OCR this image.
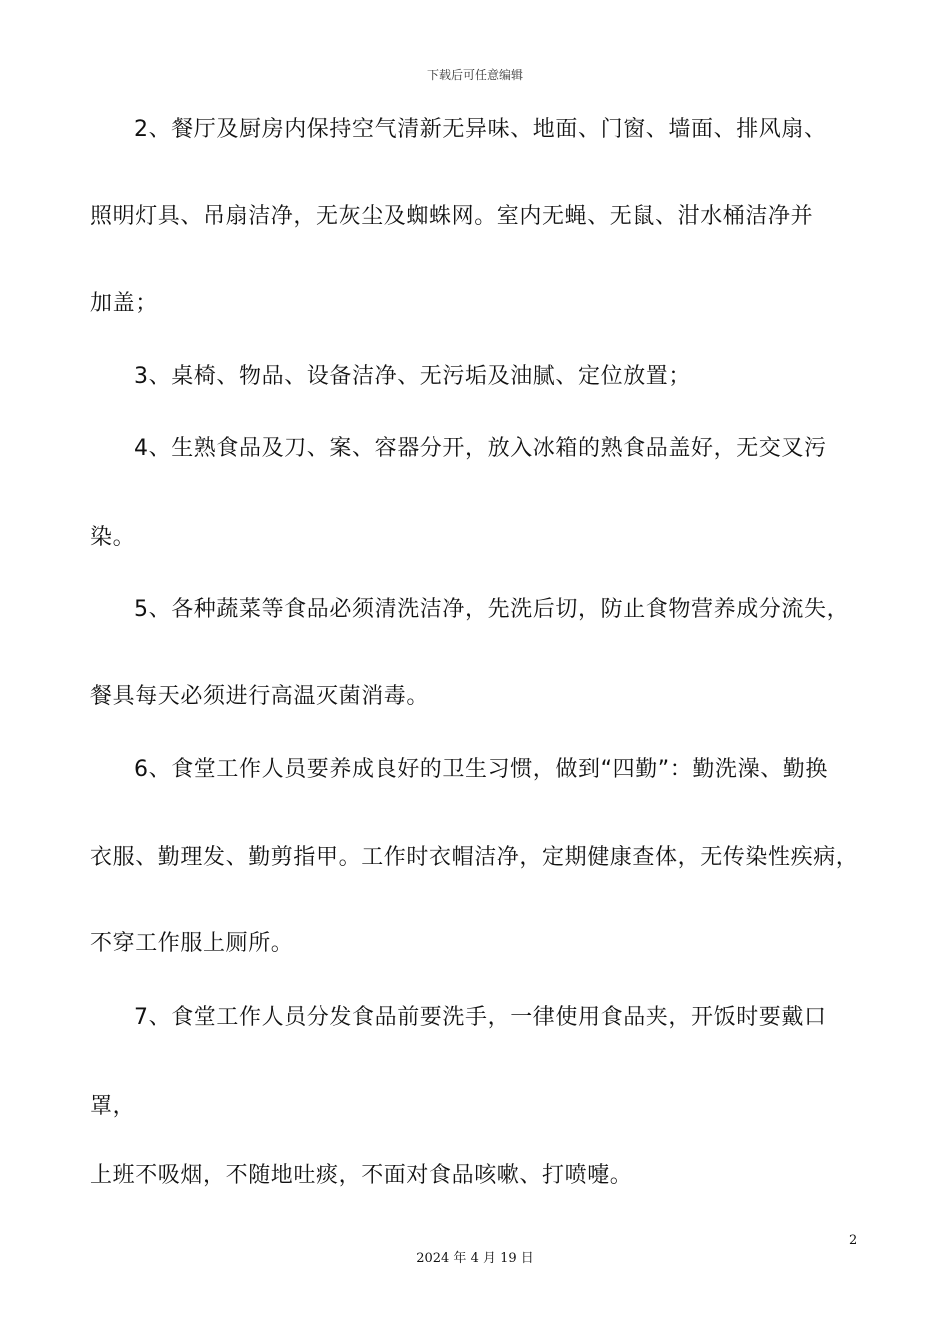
下载后可任意编辑
2、餐厅及厨房内保持空气清新无异味、地面、门窗、墙面、排风扇、
照明灯具、吊扇洁净，无灰尘及蜘蛛网。室内无蝇、无鼠、泔水桶洁净并
加盖；
3、桌椅、物品、设备洁净、无污垢及油腻、定位放置；
4、生熟食品及刀、案、容器分开，放入冰箱的熟食品盖好，无交叉污
染。
5、各种蔬菜等食品必须清洗洁净，先洗后切，防止食物营养成分流失，
餐具每天必须进行高温灭菌消毒。
6、食堂工作人员要养成良好的卫生习惯，做到“四勤”：勤洗澡、勤换
衣服、勤理发、勤剪指甲。工作时衣帽洁净，定期健康查体，无传染性疾病，
不穿工作服上厕所。
7、食堂工作人员分发食品前要洗手，一律使用食品夹，开饭时要戴口
罩，
上班不吸烟，不随地吐痰，不面对食品咳嗽、打喷嚏。
2
2024 年 4 月 19 日
